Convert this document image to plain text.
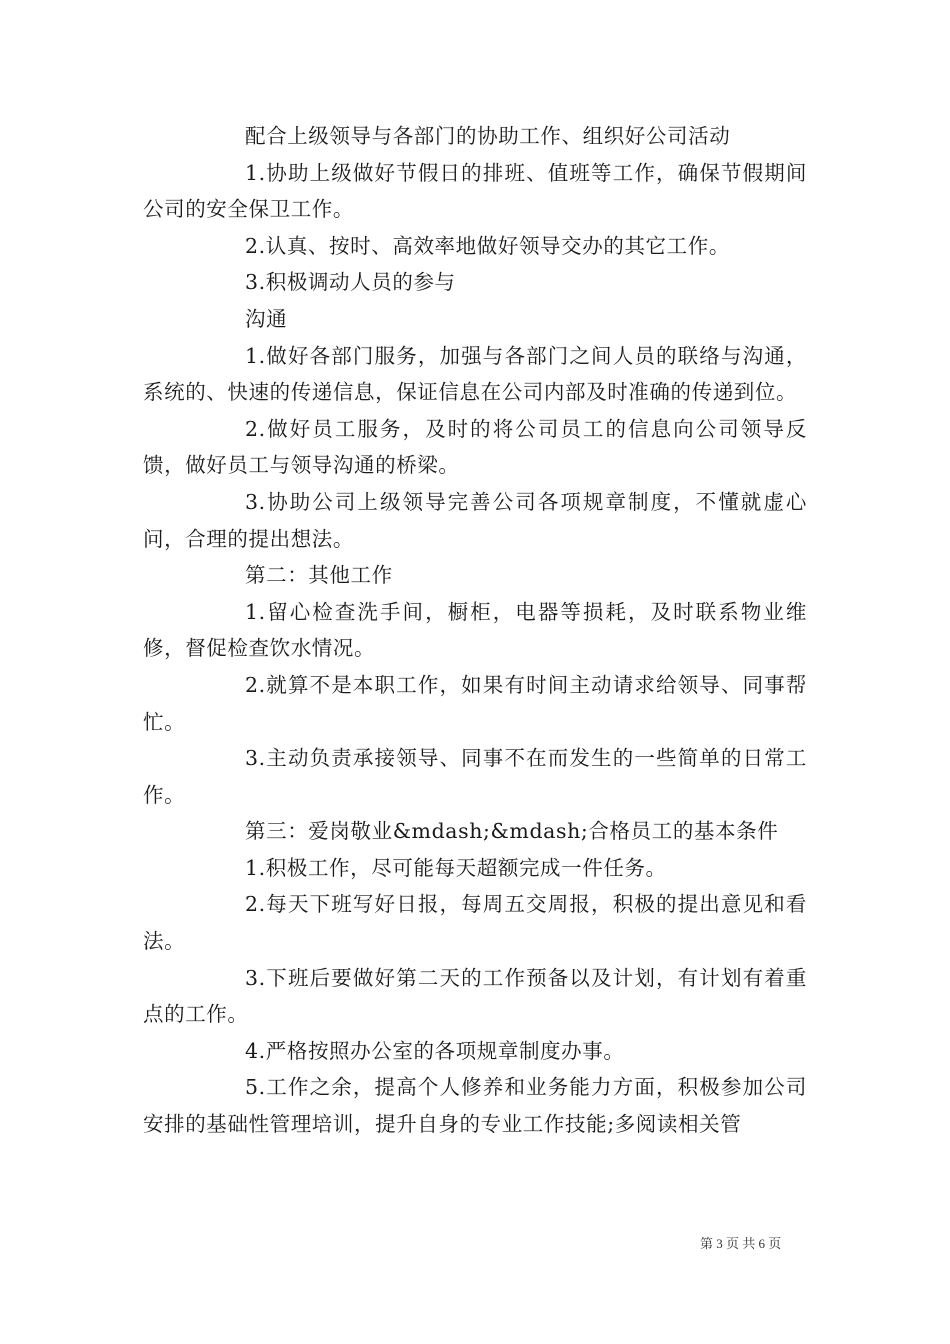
配合上级领导与各部门的协助工作、组织好公司活动

1.协助上级做好节假日的排班、值班等工作，确保节假期间公司的安全保卫工作。

2.认真、按时、高效率地做好领导交办的其它工作。

3.积极调动人员的参与

沟通

1.做好各部门服务，加强与各部门之间人员的联络与沟通，系统的、快速的传递信息，保证信息在公司内部及时准确的传递到位。

2.做好员工服务，及时的将公司员工的信息向公司领导反馈，做好员工与领导沟通的桥梁。

3.协助公司上级领导完善公司各项规章制度，不懂就虚心问，合理的提出想法。

第二：其他工作

1.留心检查洗手间，橱柜，电器等损耗，及时联系物业维修，督促检查饮水情况。

2.就算不是本职工作，如果有时间主动请求给领导、同事帮忙。

3.主动负责承接领导、同事不在而发生的一些简单的日常工作。

第三：爱岗敬业&mdash;&mdash;合格员工的基本条件

1.积极工作，尽可能每天超额完成一件任务。

2.每天下班写好日报，每周五交周报，积极的提出意见和看法。

3.下班后要做好第二天的工作预备以及计划，有计划有着重点的工作。

4.严格按照办公室的各项规章制度办事。

5.工作之余，提高个人修养和业务能力方面，积极参加公司安排的基础性管理培训，提升自身的专业工作技能;多阅读相关管

第 3 页 共 6 页
